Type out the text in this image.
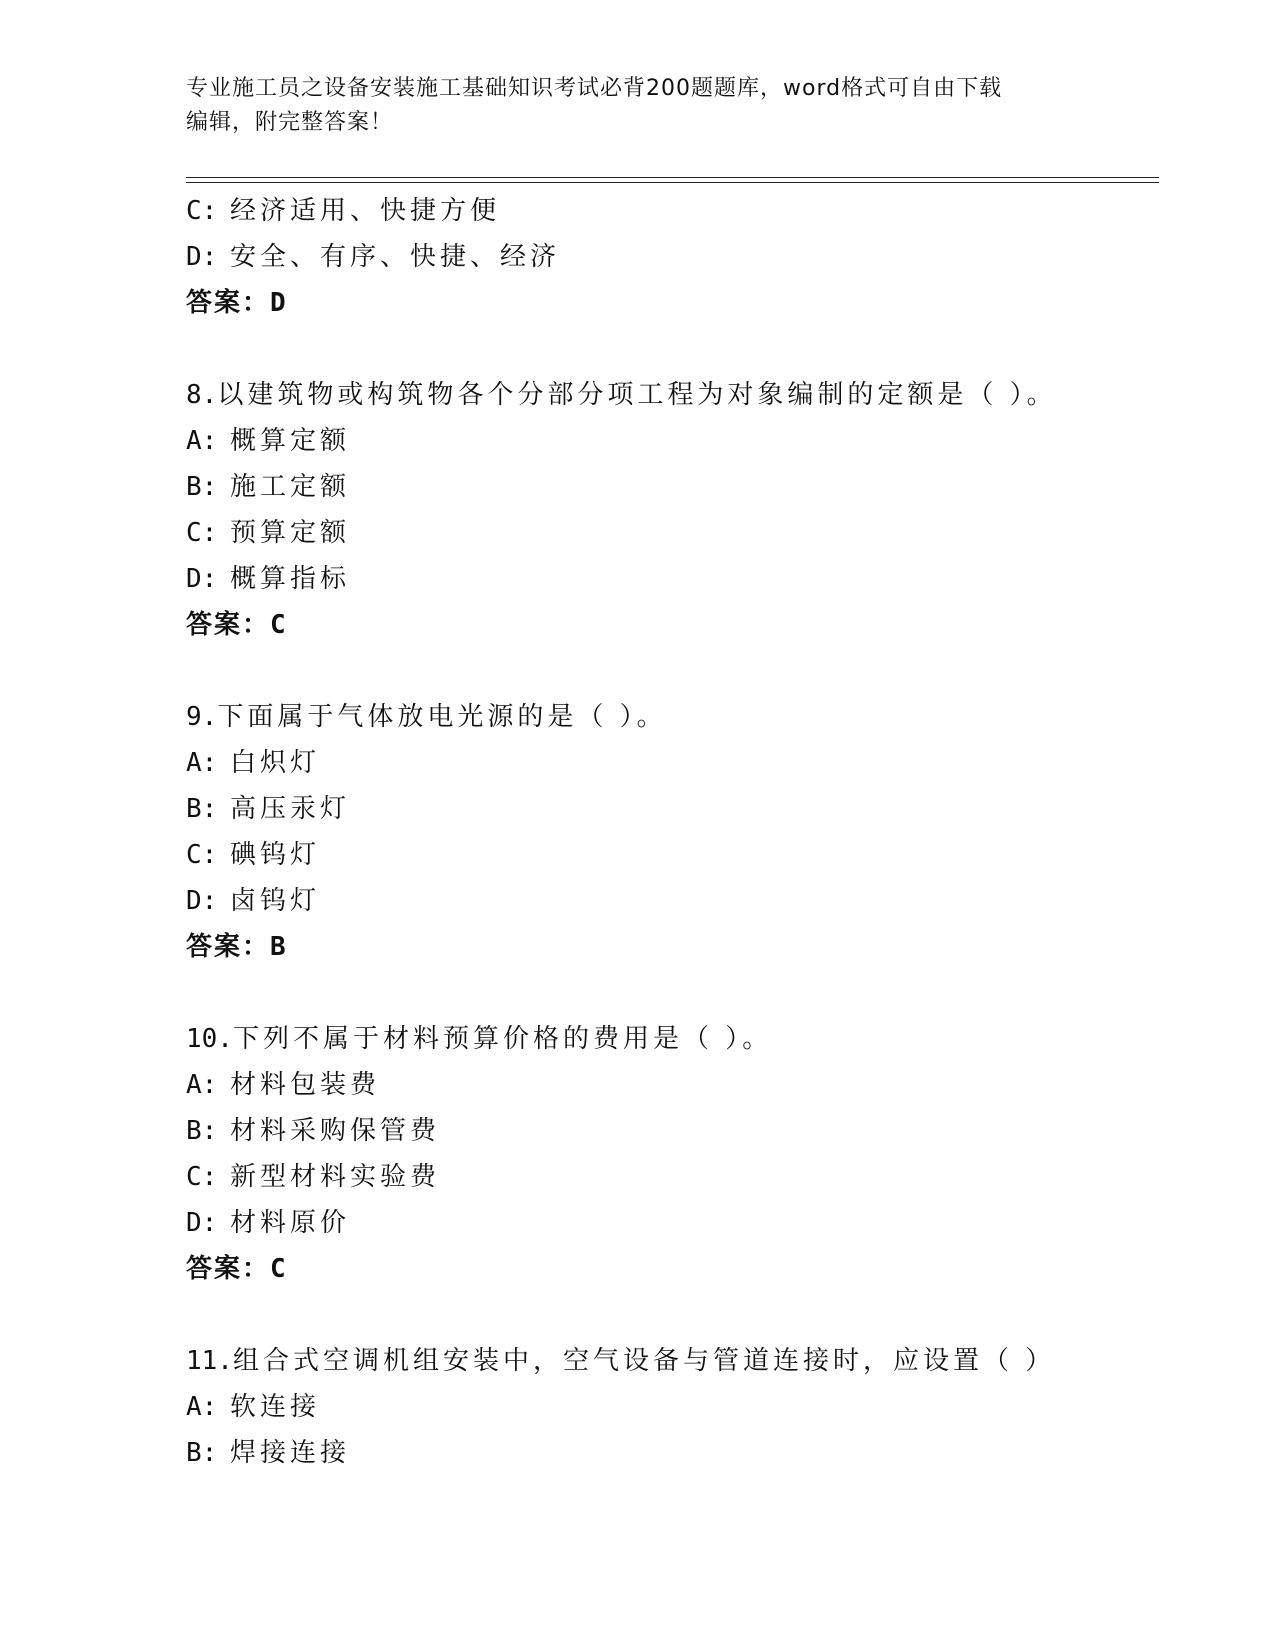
专业施工员之设备安装施工基础知识考试必背200题题库，word格式可自由下载
编辑，附完整答案！
C: 经济适用、快捷方便
D: 安全、有序、快捷、经济
答案：D
8.以建筑物或构筑物各个分部分项工程为对象编制的定额是（ ）。
A: 概算定额
B: 施工定额
C: 预算定额
D: 概算指标
答案：C
9.下面属于气体放电光源的是（ ）。
A: 白炽灯
B: 高压汞灯
C: 碘钨灯
D: 卤钨灯
答案：B
10.下列不属于材料预算价格的费用是（ ）。
A: 材料包装费
B: 材料采购保管费
C: 新型材料实验费
D: 材料原价
答案：C
11.组合式空调机组安装中，空气设备与管道连接时，应设置（ ）
A: 软连接
B: 焊接连接
